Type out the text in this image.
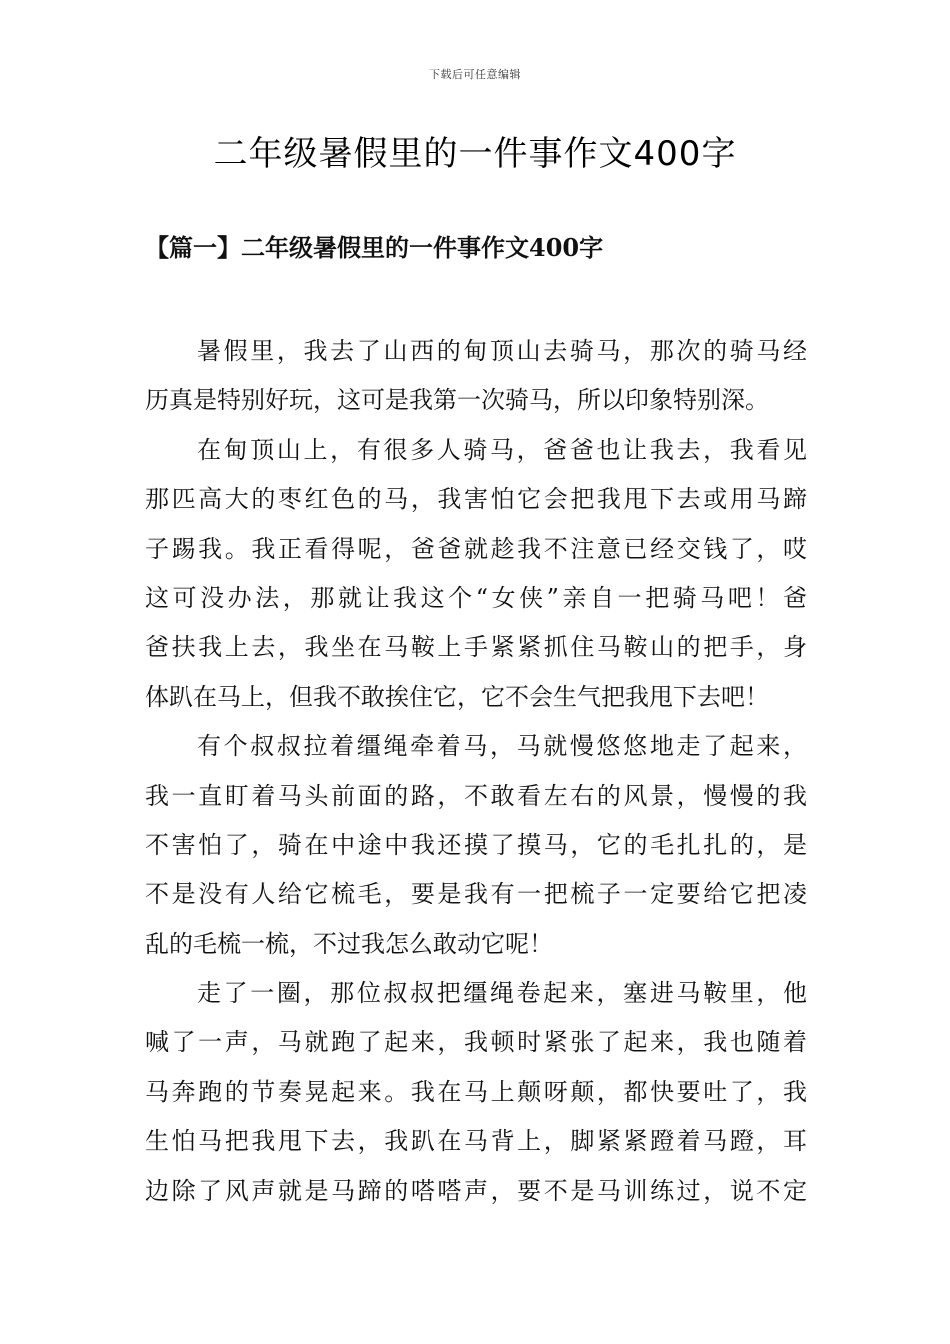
下载后可任意编辑
二年级暑假里的一件事作文400字
【篇一】二年级暑假里的一件事作文400字
暑假里，我去了山西的甸顶山去骑马，那次的骑马经
历真是特别好玩，这可是我第一次骑马，所以印象特别深。
在甸顶山上，有很多人骑马，爸爸也让我去，我看见
那匹高大的枣红色的马，我害怕它会把我甩下去或用马蹄
子踢我。我正看得呢，爸爸就趁我不注意已经交钱了，哎
这可没办法，那就让我这个“女侠”亲自一把骑马吧！爸
爸扶我上去，我坐在马鞍上手紧紧抓住马鞍山的把手，身
体趴在马上，但我不敢挨住它，它不会生气把我甩下去吧！
有个叔叔拉着缰绳牵着马，马就慢悠悠地走了起来，
我一直盯着马头前面的路，不敢看左右的风景，慢慢的我
不害怕了，骑在中途中我还摸了摸马，它的毛扎扎的，是
不是没有人给它梳毛，要是我有一把梳子一定要给它把凌
乱的毛梳一梳，不过我怎么敢动它呢！
走了一圈，那位叔叔把缰绳卷起来，塞进马鞍里，他
喊了一声，马就跑了起来，我顿时紧张了起来，我也随着
马奔跑的节奏晃起来。我在马上颠呀颠，都快要吐了，我
生怕马把我甩下去，我趴在马背上，脚紧紧蹬着马蹬，耳
边除了风声就是马蹄的嗒嗒声，要不是马训练过，说不定
